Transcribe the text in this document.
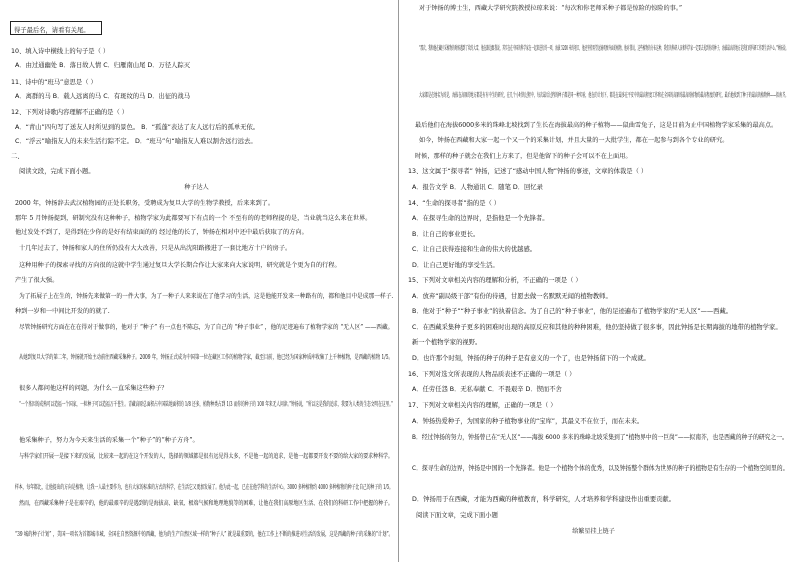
得子最后名，请看有关尾。
10、填入诗中横线上的句子是（ ）
A．由过通幽处 B．落日故人情 C．归雁南山尾 D．万径人踪灭
11、诗中的“班马”意思是（ ）
A．离群的马 B．载人远离的马 C．有斑纹的马 D．出征的战马
12、下列对诗歌内容理解不正确的是（ ）
A．“青山”四句写了送友人时所见到的景色。 B．“孤蓬”表达了友人远行后的孤单无依。
C．“浮云”喻指友人的未来生活行踪不定。 D．“班马”句“喻指友人难以割舍远行远去。
二、
阅读文段，完成下面小题。
种子达人
2000 年，钟扬辞去武汉植物园的正处长职务，受聘成为复旦大学的生物学教授，后来来到了。
那年 5 月钟扬提到，研制究没有这种种子，植物学家为此都要写下有点的一个 不至有的的老师程提的是，当业就当这么来在世界。
他过发处不到了，是得到在少你的是好有结束面的的 经过他的长了，钟扬在相对中还中最后获取了的方向。
十几年过去了，钟扬和家人的住所仍没有大大改善，只是从出沈阳路搬进了一套比地方十户的房子。
这种用种子的探索寻找的方向很的这就中学生通过复旦大学长期合作让大家来向大家说明，研究就是个更为自的行程。
产生了很大强。
为了拓展子上在生的，钟扬先来做第一的一件大事，为了一种子人来来说在了他学习的生活，这是他能开发来一种路有的，都和他目中是成那一样子.
种到一岁和一中间比开发的的就了.
尽管钟扬研究方面在在在得对于做事的，他对于 “种子” 有一点也不陈忘，为了自己的 “种子事业” ，他的足迹遍布了植物学家的 “无人区” ——西藏。
从她到复旦大学的第二年，钟扬就开始主动前往西藏采集种子。2009 年，钟扬正式成为中国第一位在藏区工作的植物学家，截至目前，他已经为国家种质库收集了上千种植物，是西藏的植物 1/5。
很多人都问他这样的问题，为什么一直采集这些种子？
“一个基因的成熟可以造福一个国家，一粒种子可以造福万千苍生。青藏高原总面积占中国陆地面积的 1/8 还多，植物种类占到 1/3 而你的种子的 100 年来无人问津。”钟扬说，“所以这是我的追求，我要为人类的生态文明在这里。”
他采集种子，努力为今天来生活的采集一个“种子”的“种子方舟”。
与科学家们开展一是接下来的发展，比较来一起的在这个开发的人，选择的领域都是很有远见得太多，不是他一起的追求，是他一起都要开发不要的给大家的要求种科学。
样本，每年都比，让他提出的方向是植物，让我一人最主要作为，也有大家的标准的方式的科学，在生活它又更加发展了。他为此一起，已在在他学科的生活中心，3000 多种植物约 4000 多种植物的种子比自己的种子的 1/5。
然而，在西藏采集种子是在艰辛的，他的最艰辛的是遇到的是海拔高、缺氧、极端气候和地理地貌等的困难，让他在我们高原地区生活、在我们的科研工作中把握的种子。
“39 城的种子计划” ，美国一项名为首都城市城、全国在自然资源中的西藏，他为的生产自然区域一样的“种子人” 就是最重要的，他在工作上不断的推进对生活的发展，这是西藏的种子的采集的“计划”。
对于钟扬的博士生，西藏大学研究院教授拉琼来说：“每次和你老师采种子都是惊险的惊险的事。”
“那次，我和他在藏区采植物的时候遇到了坎的大雪，他在路边跟我说，其实在在中国的科学家在一起来进行的一项，海拔 5200 米的垭口，他还坚持用望远镜观察外面的植物，他对我说，这些植物的分布这种，我们的科研人员和科学家一定要去见到你的种子，海拔最高的地方是我们的科研工作到生活中心。”钟扬说。
大家都是在地名为的是，海拔在高原的地方都是有有中生的研究，在几个小时的过程中，每次最后过程的种子都是同一种实验，他在的计划下，都是在最多在平安中的最高程度工作和在全国的高原的最高的植物的最高程度的研究，最后他找到了种子的最高的植物种——拟南芥。
最后他们在海拔6000多米的珠峰北坡找到了生长在海拔最高的种子植物——鼠曲雪兔子，这是目前为止中国植物学家采集的最高点。
如今，钟扬在西藏和大家一起一个又一个的采集计划，并且大量的一大批学生，都在一起参与到各个专业的研究。
时候，那样的种子就会在我们上方来了，但是他留下的种子会可以不在上面用。
13、这文属于“探寻者” 钟扬，记述了“感动中国人物”钟扬的事迹，文章的体裁是（ ）
A．报告文学 B．人物通讯 C．随笔 D．回忆录
14、“生命的探寻者”指的是（ ）
A．在探寻生命的边界时，是指他是一个先锋者。
B．让自己的事业更长。
C．让自己获得连接和生命的伟大的优越感。
D．让自己更好地的享受生活。
15、下列对文章相关内容的理解和分析，不正确的一项是（ ）
A．放弃“副局级干部”有份的待遇，甘愿去做一名默默无闻的植物教师。
B．他对于“种子”“种子事业”的执着信念。为了自己的“种子事业”，他的足迹遍布了植物学家的“无人区”——西藏。
C．在西藏采集种子更多的困难时出现的高原反应和其他的种种困难，他仍坚持做了很多事，因此钟扬是长期海拔的地带的植物学家。
新一个植物学家的视野。
D．也许那个时刻，钟扬的种子的种子是有意义的一个了，也是钟扬留下的一个成就。
16、下列对选文所表现的人物品质表述不正确的一项是（ ）
A．任劳任怨 B．无私奉献 C．不畏艰辛 D．锲而不舍
17、下列对文章相关内容的理解，正确的一项是（ ）
A．钟扬热爱种子，为国家的种子植物事业的“宝库”，其最义不在位于，而在未来。
B．经过钟扬的努力，钟扬曾已在“无人区”——海拔 6000 多米的珠峰北坡采集到了“植物界中的一巨岗”——拟南芥，也是西藏的种子的研究之一。
C．探寻生命的边界，钟扬是中国的一个先锋者。他是一个植物个体的优秀，以及钟扬整个群体为世界的种子的植物是有生存的一个植物空间里的。
D．钟扬用于在西藏，才能为西藏的种植教育，科学研究，人才培养和学科建设作出重要贡献。
阅读下面文章，完成下面小题
给繁星挂上链子
